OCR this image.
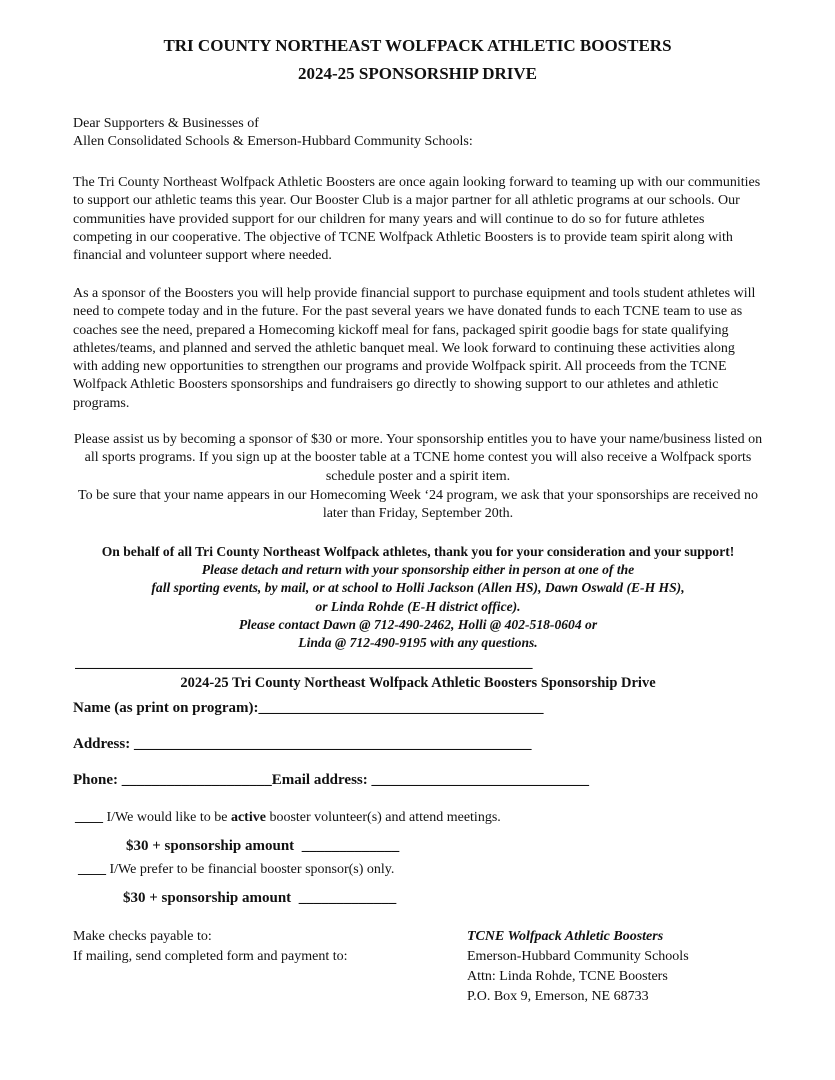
TRI COUNTY NORTHEAST WOLFPACK ATHLETIC BOOSTERS
2024-25 SPONSORSHIP DRIVE
Dear Supporters & Businesses of
Allen Consolidated Schools & Emerson-Hubbard Community Schools:
The Tri County Northeast Wolfpack Athletic Boosters are once again looking forward to teaming up with our communities to support our athletic teams this year. Our Booster Club is a major partner for all athletic programs at our schools. Our communities have provided support for our children for many years and will continue to do so for future athletes competing in our cooperative. The objective of TCNE Wolfpack Athletic Boosters is to provide team spirit along with financial and volunteer support where needed.
As a sponsor of the Boosters you will help provide financial support to purchase equipment and tools student athletes will need to compete today and in the future. For the past several years we have donated funds to each TCNE team to use as coaches see the need, prepared a Homecoming kickoff meal for fans, packaged spirit goodie bags for state qualifying athletes/teams, and planned and served the athletic banquet meal. We look forward to continuing these activities along with adding new opportunities to strengthen our programs and provide Wolfpack spirit. All proceeds from the TCNE Wolfpack Athletic Boosters sponsorships and fundraisers go directly to showing support to our athletes and athletic programs.
Please assist us by becoming a sponsor of $30 or more. Your sponsorship entitles you to have your name/business listed on all sports programs. If you sign up at the booster table at a TCNE home contest you will also receive a Wolfpack sports schedule poster and a spirit item.
To be sure that your name appears in our Homecoming Week ‘24 program, we ask that your sponsorships are received no later than Friday, September 20th.
On behalf of all Tri County Northeast Wolfpack athletes, thank you for your consideration and your support!
Please detach and return with your sponsorship either in person at one of the
fall sporting events, by mail, or at school to Holli Jackson (Allen HS), Dawn Oswald (E-H HS),
or Linda Rohde (E-H district office).
Please contact Dawn @ 712-490-2462, Holli @ 402-518-0604 or
Linda @ 712-490-9195 with any questions.
_____________________________________________________________
2024-25 Tri County Northeast Wolfpack Athletic Boosters Sponsorship Drive
Name (as print on program):______________________________________
Address: _____________________________________________________
Phone: ____________________Email address: _____________________________
____ I/We would like to be active booster volunteer(s) and attend meetings.
$30 + sponsorship amount _____________
____ I/We prefer to be financial booster sponsor(s) only.
$30 + sponsorship amount _____________
Make checks payable to:
If mailing, send completed form and payment to:
TCNE Wolfpack Athletic Boosters
Emerson-Hubbard Community Schools
Attn: Linda Rohde, TCNE Boosters
P.O. Box 9, Emerson, NE 68733
